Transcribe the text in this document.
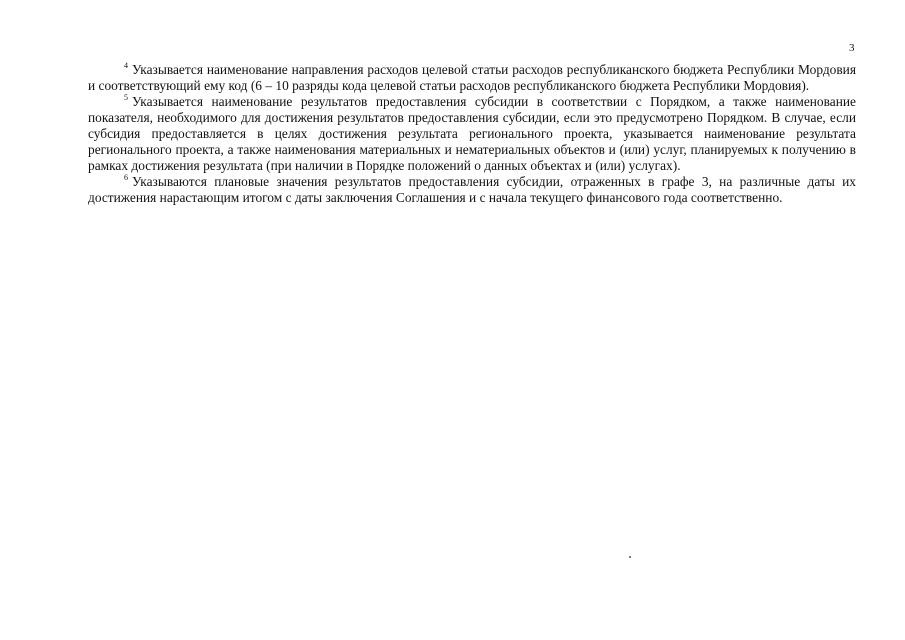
3

$^4$ Указывается наименование направления расходов целевой статьи расходов республиканского бюджета Республики Мордовия и соответствующий ему код (6 – 10 разряды кода целевой статьи расходов республиканского бюджета Республики Мордовия).

$^5$ Указывается наименование результатов предоставления субсидии в соответствии с Порядком, а также наименование показателя, необходимого для достижения результатов предоставления субсидии, если это предусмотрено Порядком. В случае, если субсидия предоставляется в целях достижения результата регионального проекта, указывается наименование результата регионального проекта, а также наименования материальных и нематериальных объектов и (или) услуг, планируемых к получению в рамках достижения результата (при наличии в Порядке положений о данных объектах и (или) услугах).

$^6$ Указываются плановые значения результатов предоставления субсидии, отраженных в графе 3, на различные даты их достижения нарастающим итогом с даты заключения Соглашения и с начала текущего финансового года соответственно.
